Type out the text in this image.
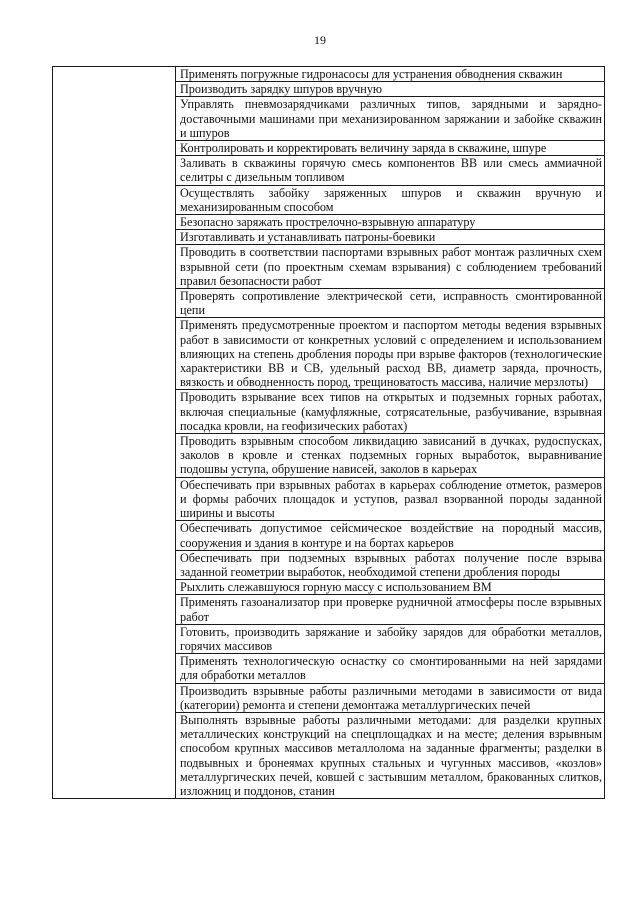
19
	Применять погружные гидронасосы для устранения обводнения скважин
Производить зарядку шпуров вручную
Управлять пневмозарядчиками различных типов, зарядными и зарядно-доставочными машинами при механизированном заряжании и забойке скважин и шпуров
Контролировать и корректировать величину заряда в скважине, шпуре
Заливать в скважины горячую смесь компонентов ВВ или смесь аммиачной селитры с дизельным топливом
Осуществлять забойку заряженных шпуров и скважин вручную и механизированным способом
Безопасно заряжать прострелочно-взрывную аппаратуру
Изготавливать и устанавливать патроны-боевики
Проводить в соответствии паспортами взрывных работ монтаж различных схем взрывной сети (по проектным схемам взрывания) с соблюдением требований правил безопасности работ
Проверять сопротивление электрической сети, исправность смонтированной цепи
Применять предусмотренные проектом и паспортом методы ведения взрывных работ в зависимости от конкретных условий с определением и использованием влияющих на степень дробления породы при взрыве факторов (технологические характеристики ВВ и СВ, удельный расход ВВ, диаметр заряда, прочность, вязкость и обводненность пород, трещиноватость массива, наличие мерзлоты)
Проводить взрывание всех типов на открытых и подземных горных работах, включая специальные (камуфляжные, сотрясательные, разбучивание, взрывная посадка кровли, на геофизических работах)
Проводить взрывным способом ликвидацию зависаний в дучках, рудоспусках, заколов в кровле и стенках подземных горных выработок, выравнивание подошвы уступа, обрушение нависей, заколов в карьерах
Обеспечивать при взрывных работах в карьерах соблюдение отметок, размеров и формы рабочих площадок и уступов, развал взорванной породы заданной ширины и высоты
Обеспечивать допустимое сейсмическое воздействие на породный массив, сооружения и здания в контуре и на бортах карьеров
Обеспечивать при подземных взрывных работах получение после взрыва заданной геометрии выработок, необходимой степени дробления породы
Рыхлить слежавшуюся горную массу с использованием ВМ
Применять газоанализатор при проверке рудничной атмосферы после взрывных работ
Готовить, производить заряжание и забойку зарядов для обработки металлов, горячих массивов
Применять технологическую оснастку со смонтированными на ней зарядами для обработки металлов
Производить взрывные работы различными методами в зависимости от вида (категории) ремонта и степени демонтажа металлургических печей
Выполнять взрывные работы различными методами: для разделки крупных металлических конструкций на спецплощадках и на месте; деления взрывным способом крупных массивов металлолома на заданные фрагменты; разделки в подвывных и бронеямах крупных стальных и чугунных массивов, «козлов» металлургических печей, ковшей с застывшим металлом, бракованных слитков, изложниц и поддонов, станин
